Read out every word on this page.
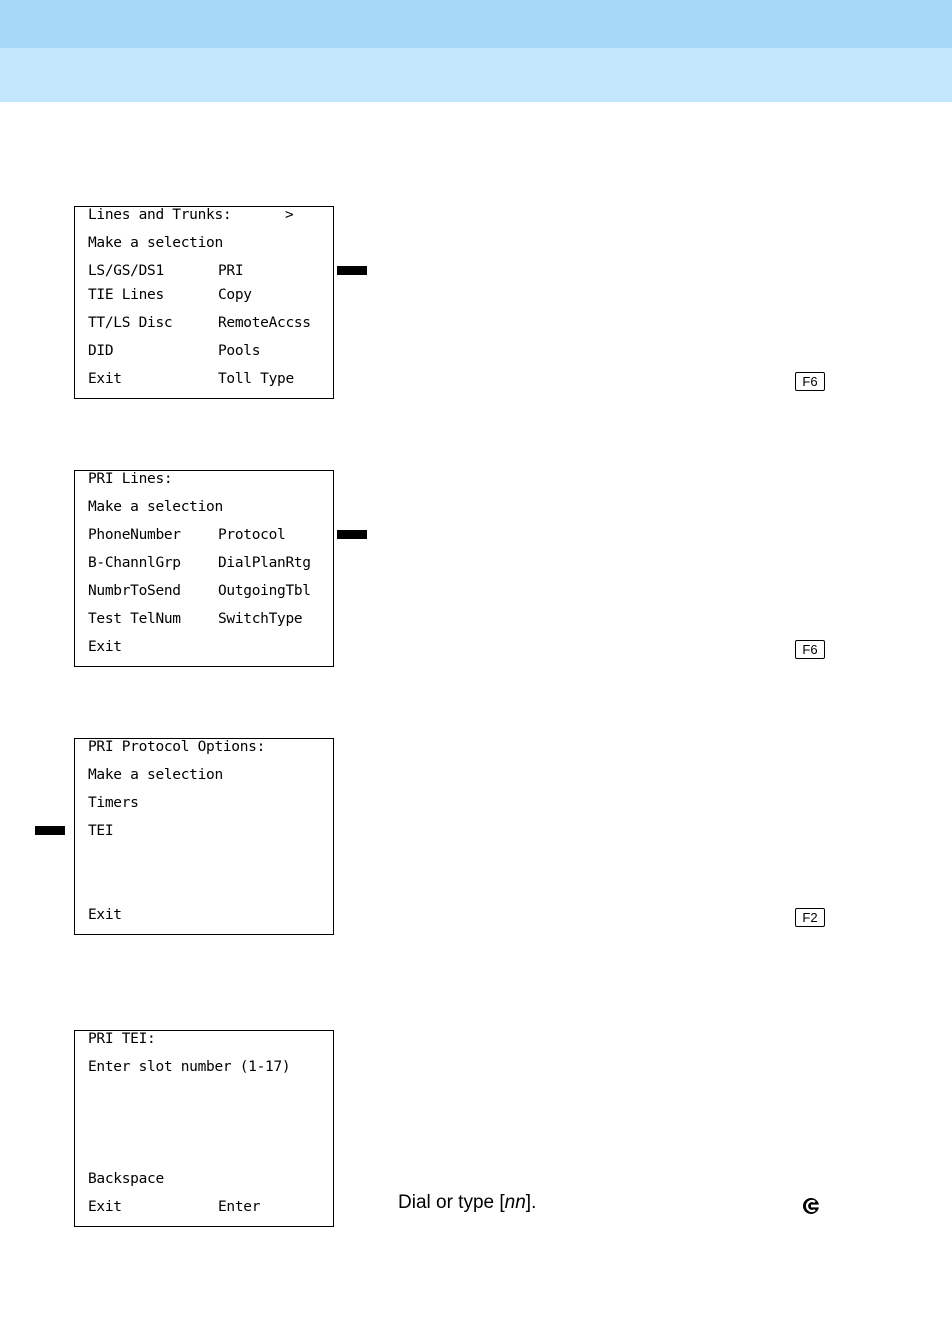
Lines and Trunks:	>
Make a selection
LS/GS/DS1	PRI
TIE Lines	Copy
TT/LS Disc	RemoteAccss
DID	Pools
Exit	Toll Type	F6
PRI Lines:
Make a selection
PhoneNumber	Protocol
B-ChannlGrp	DialPlanRtg
NumbrToSend	OutgoingTbl
Test TelNum	SwitchType
Exit	F6
PRI Protocol Options:
Make a selection
Timers
TEI
Exit	F2
PRI TEI:
Enter slot number (1-17)
Backspace
Exit	Enter	Dial or type [nn].
